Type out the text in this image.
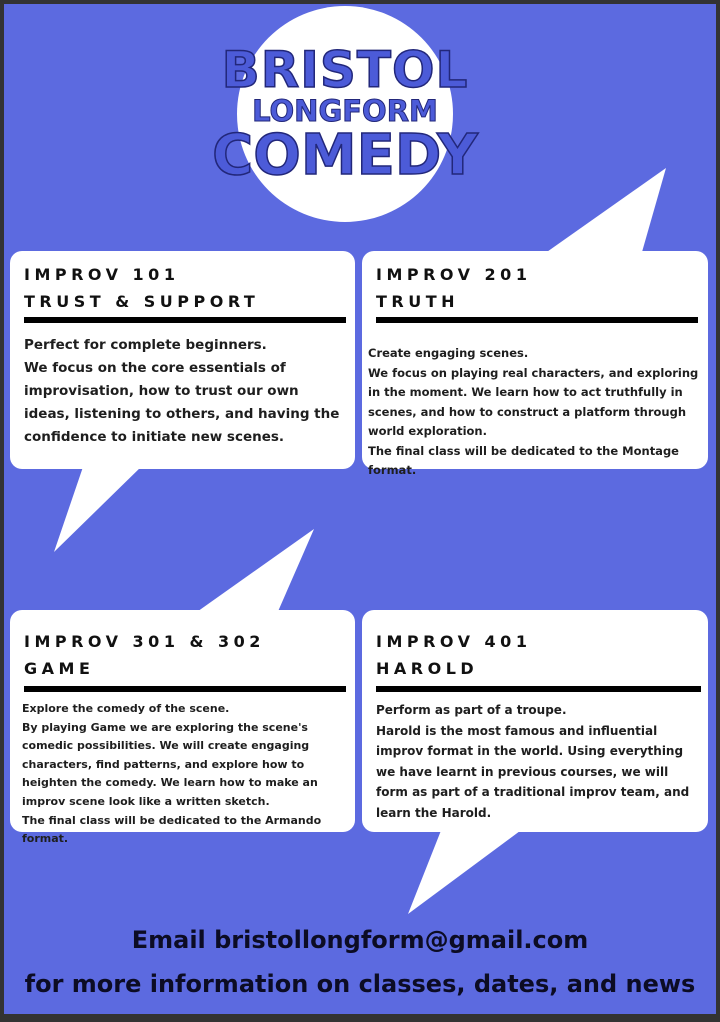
BRISTOL
LONGFORM
COMEDY
IMPROV 101
TRUST & SUPPORT

Perfect for complete beginners.

We focus on the core essentials of improvisation, how to trust our own ideas, listening to others, and having the confidence to initiate new scenes.

IMPROV 201
TRUTH

Create engaging scenes.

We focus on playing real characters, and exploring in the moment. We learn how to act truthfully in scenes, and how to construct a platform through world exploration.

The final class will be dedicated to the Montage format.

IMPROV 301 & 302
GAME

Explore the comedy of the scene.

By playing Game we are exploring the scene's comedic possibilities. We will create engaging characters, find patterns, and explore how to heighten the comedy. We learn how to make an improv scene look like a written sketch.

The final class will be dedicated to the Armando format.

IMPROV 401
HAROLD

Perform as part of a troupe.

Harold is the most famous and influential improv format in the world. Using everything we have learnt in previous courses, we will form as part of a traditional improv team, and learn the Harold.

Email bristollongform@gmail.com
for more information on classes, dates, and news
